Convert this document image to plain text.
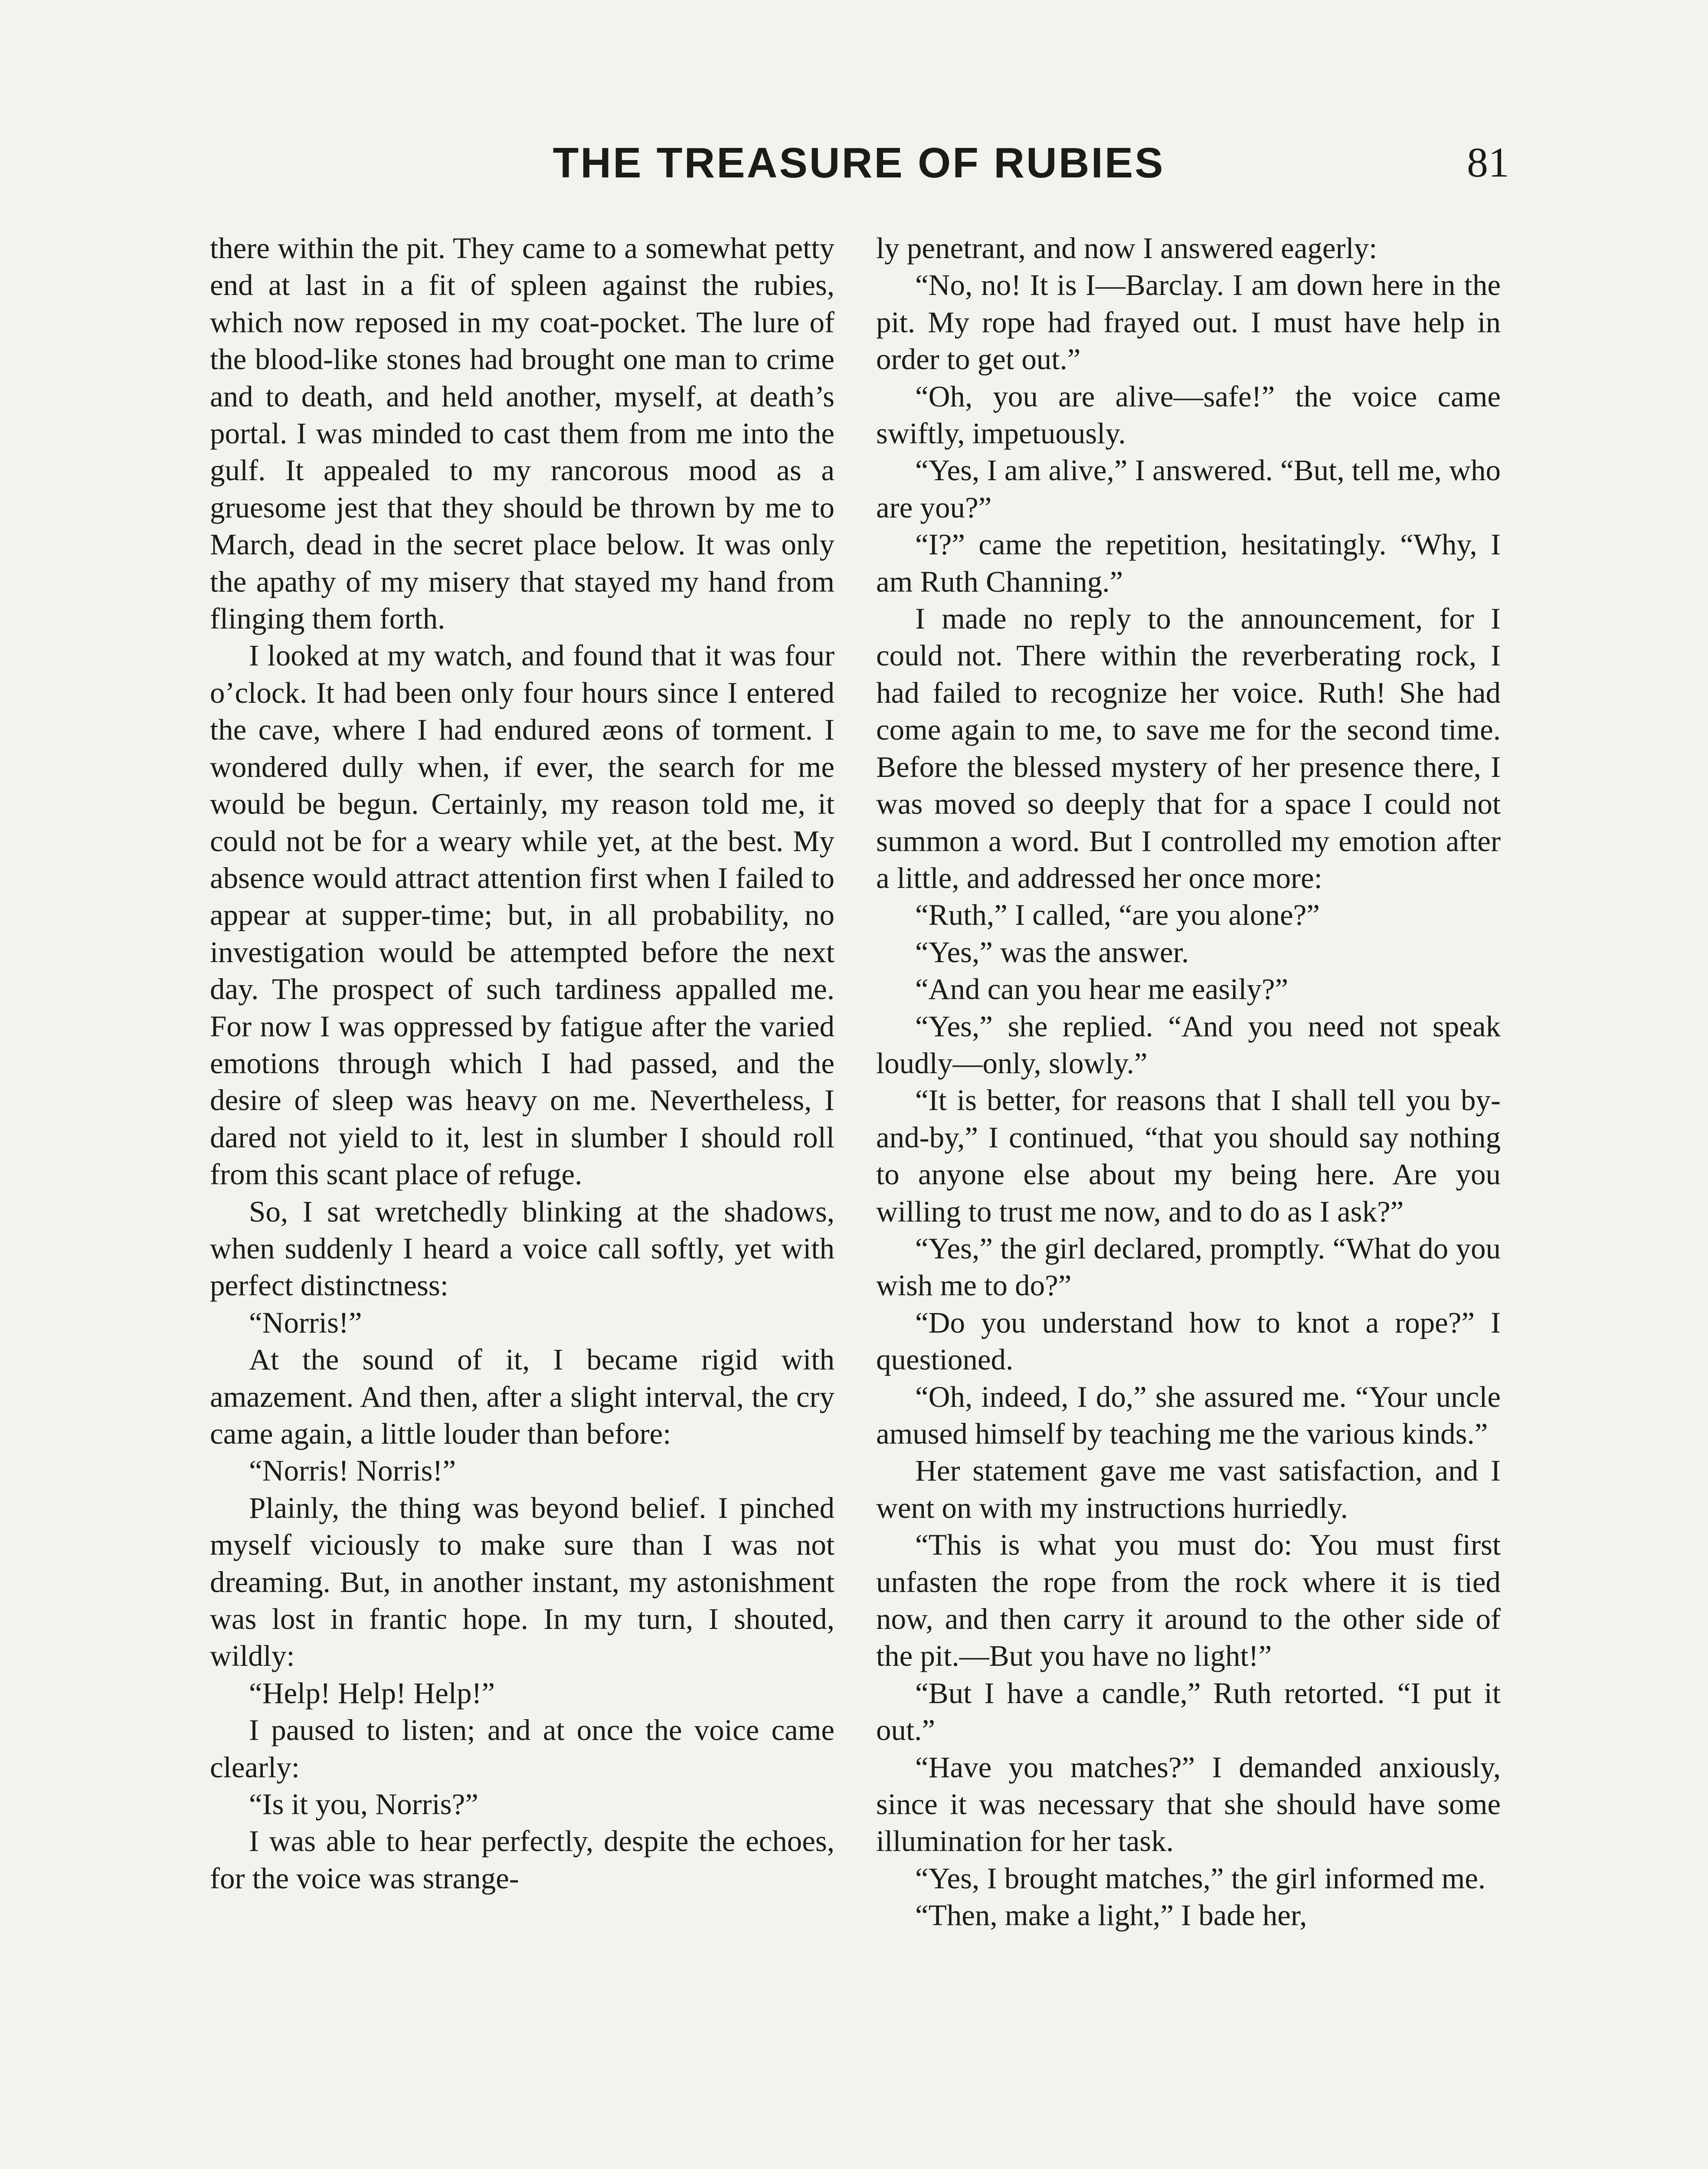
THE TREASURE OF RUBIES	81

there within the pit. They came to a somewhat petty end at last in a fit of spleen against the rubies, which now reposed in my coat-pocket. The lure of the blood-like stones had brought one man to crime and to death, and held another, myself, at death’s portal. I was minded to cast them from me into the gulf. It appealed to my rancorous mood as a gruesome jest that they should be thrown by me to March, dead in the secret place below. It was only the apathy of my misery that stayed my hand from flinging them forth.

I looked at my watch, and found that it was four o’clock. It had been only four hours since I entered the cave, where I had endured æons of torment. I wondered dully when, if ever, the search for me would be begun. Certainly, my reason told me, it could not be for a weary while yet, at the best. My absence would attract attention first when I failed to appear at supper-time; but, in all probability, no investigation would be attempted before the next day. The prospect of such tardiness appalled me. For now I was oppressed by fatigue after the varied emotions through which I had passed, and the desire of sleep was heavy on me. Nevertheless, I dared not yield to it, lest in slumber I should roll from this scant place of refuge.

So, I sat wretchedly blinking at the shadows, when suddenly I heard a voice call softly, yet with perfect distinctness:

“Norris!”

At the sound of it, I became rigid with amazement. And then, after a slight interval, the cry came again, a little louder than before:

“Norris! Norris!”

Plainly, the thing was beyond belief. I pinched myself viciously to make sure than I was not dreaming. But, in another instant, my astonishment was lost in frantic hope. In my turn, I shouted, wildly:

“Help! Help! Help!”

I paused to listen; and at once the voice came clearly:

“Is it you, Norris?”

I was able to hear perfectly, despite the echoes, for the voice was strange-

ly penetrant, and now I answered eagerly:

“No, no! It is I—Barclay. I am down here in the pit. My rope had frayed out. I must have help in order to get out.”

“Oh, you are alive—safe!” the voice came swiftly, impetuously.

“Yes, I am alive,” I answered. “But, tell me, who are you?”

“I?” came the repetition, hesitatingly. “Why, I am Ruth Channing.”

I made no reply to the announcement, for I could not. There within the reverberating rock, I had failed to recognize her voice. Ruth! She had come again to me, to save me for the second time. Before the blessed mystery of her presence there, I was moved so deeply that for a space I could not summon a word. But I controlled my emotion after a little, and addressed her once more:

“Ruth,” I called, “are you alone?”

“Yes,” was the answer.

“And can you hear me easily?”

“Yes,” she replied. “And you need not speak loudly—only, slowly.”

“It is better, for reasons that I shall tell you by-and-by,” I continued, “that you should say nothing to anyone else about my being here. Are you willing to trust me now, and to do as I ask?”

“Yes,” the girl declared, promptly. “What do you wish me to do?”

“Do you understand how to knot a rope?” I questioned.

“Oh, indeed, I do,” she assured me. “Your uncle amused himself by teaching me the various kinds.”

Her statement gave me vast satisfaction, and I went on with my instructions hurriedly.

“This is what you must do: You must first unfasten the rope from the rock where it is tied now, and then carry it around to the other side of the pit.—But you have no light!”

“But I have a candle,” Ruth retorted. “I put it out.”

“Have you matches?” I demanded anxiously, since it was necessary that she should have some illumination for her task.

“Yes, I brought matches,” the girl informed me.

“Then, make a light,” I bade her,
